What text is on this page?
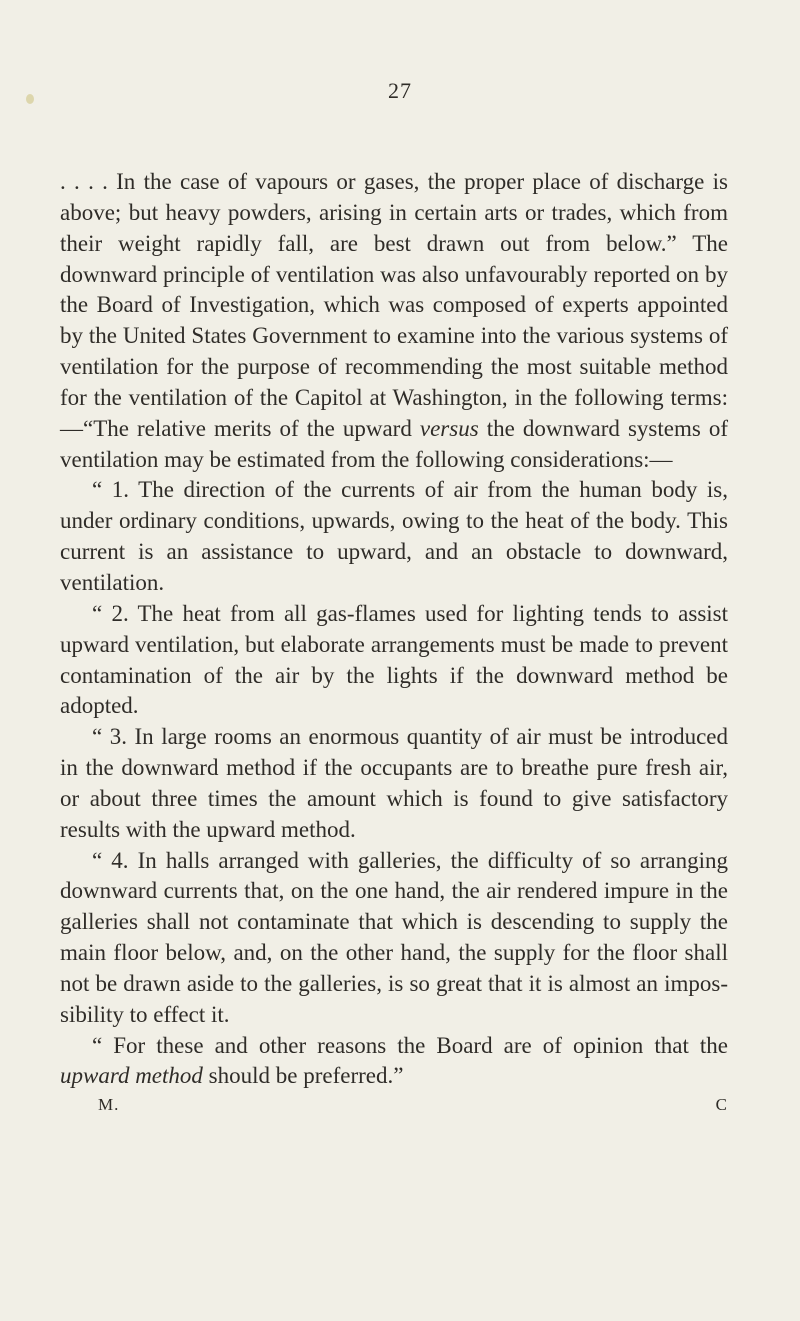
27

. . . . In the case of vapours or gases, the proper place of discharge is above; but heavy powders, arising in certain arts or trades, which from their weight rapidly fall, are best drawn out from below.” The downward principle of ventilation was also unfavourably reported on by the Board of Investigation, which was composed of experts appointed by the United States Government to examine into the various systems of ventilation for the purpose of recommending the most suitable method for the ventilation of the Capitol at Washington, in the following terms:—“The relative merits of the upward versus the downward systems of ventilation may be estimated from the following considerations:—

“ 1. The direction of the currents of air from the human body is, under ordinary conditions, upwards, owing to the heat of the body. This current is an assistance to upward, and an obstacle to downward, ventilation.

“ 2. The heat from all gas-flames used for lighting tends to assist upward ventilation, but elaborate arrangements must be made to prevent contamination of the air by the lights if the downward method be adopted.

“ 3. In large rooms an enormous quantity of air must be introduced in the downward method if the occupants are to breathe pure fresh air, or about three times the amount which is found to give satisfactory results with the upward method.

“ 4. In halls arranged with galleries, the difficulty of so arranging downward currents that, on the one hand, the air rendered impure in the galleries shall not contaminate that which is descending to supply the main floor below, and, on the other hand, the supply for the floor shall not be drawn aside to the galleries, is so great that it is almost an impossibility to effect it.

“ For these and other reasons the Board are of opinion that the upward method should be preferred.”

M.	C
